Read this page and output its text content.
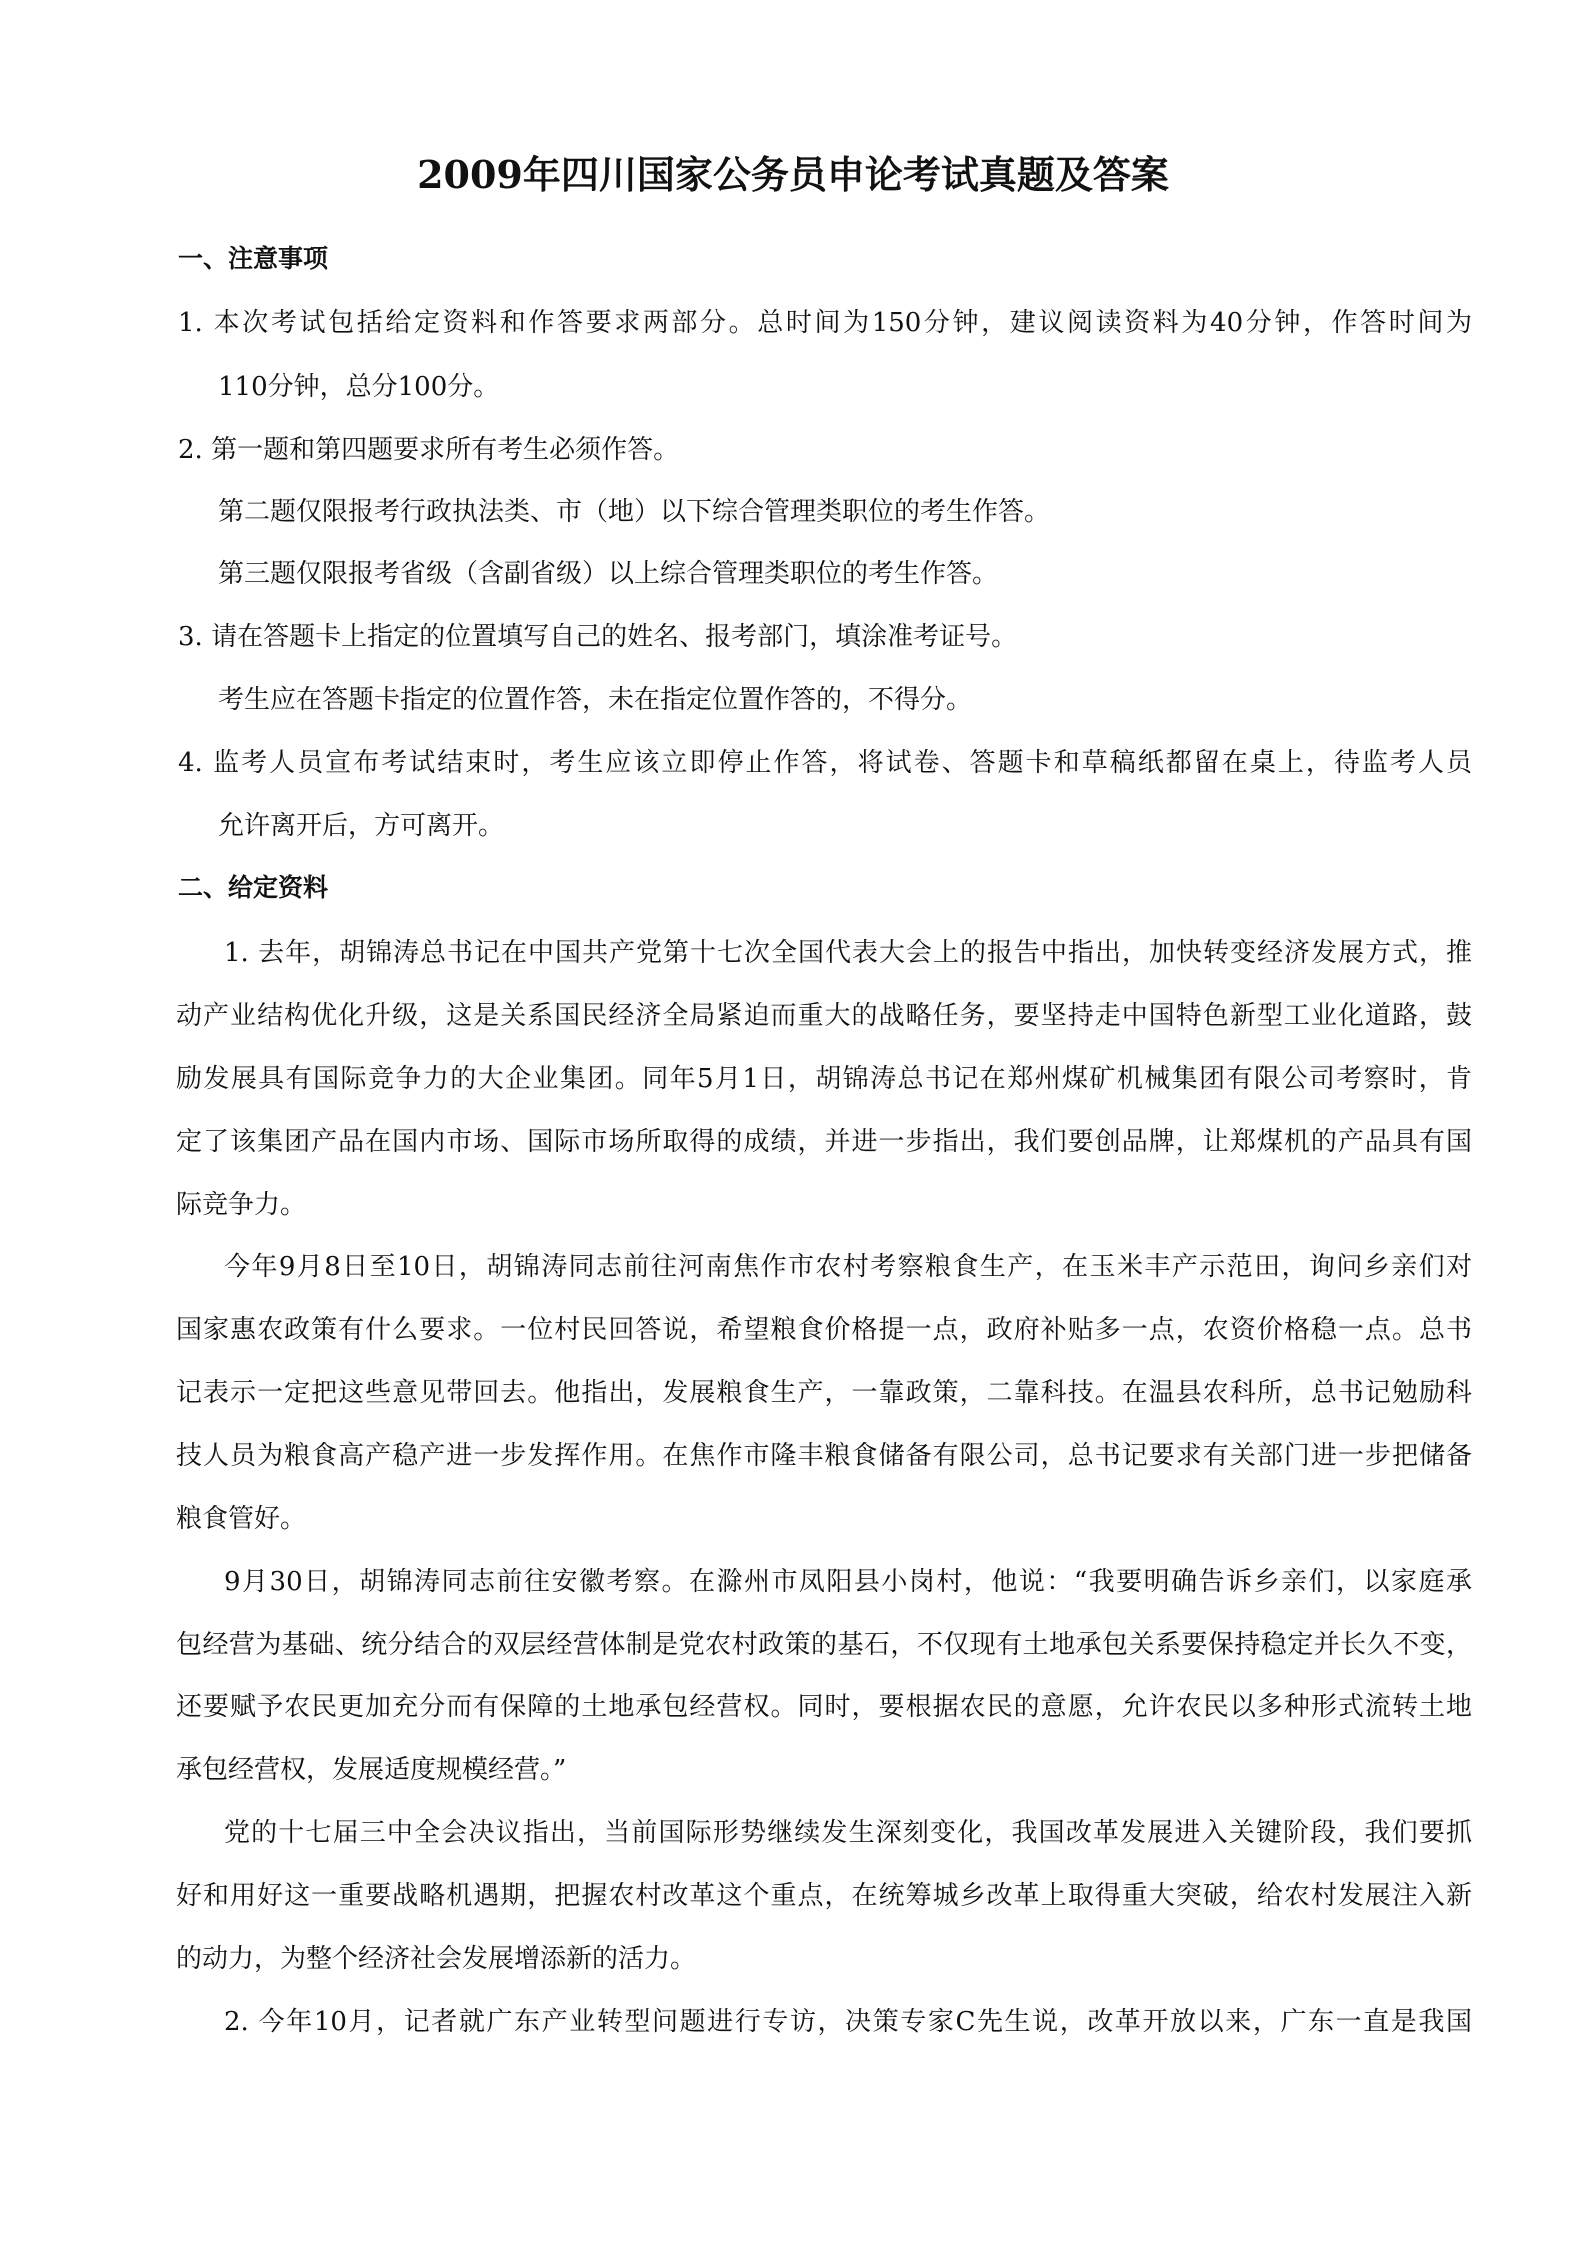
2009年四川国家公务员申论考试真题及答案
一、注意事项

1. 本次考试包括给定资料和作答要求两部分。总时间为150分钟，建议阅读资料为40分钟，作答时间为

110分钟，总分100分。

2. 第一题和第四题要求所有考生必须作答。

第二题仅限报考行政执法类、市（地）以下综合管理类职位的考生作答。

第三题仅限报考省级（含副省级）以上综合管理类职位的考生作答。

3. 请在答题卡上指定的位置填写自己的姓名、报考部门，填涂准考证号。

考生应在答题卡指定的位置作答，未在指定位置作答的，不得分。

4. 监考人员宣布考试结束时，考生应该立即停止作答，将试卷、答题卡和草稿纸都留在桌上，待监考人员

允许离开后，方可离开。

二、给定资料

1. 去年，胡锦涛总书记在中国共产党第十七次全国代表大会上的报告中指出，加快转变经济发展方式，推

动产业结构优化升级，这是关系国民经济全局紧迫而重大的战略任务，要坚持走中国特色新型工业化道路，鼓

励发展具有国际竞争力的大企业集团。同年5月1日，胡锦涛总书记在郑州煤矿机械集团有限公司考察时，肯

定了该集团产品在国内市场、国际市场所取得的成绩，并进一步指出，我们要创品牌，让郑煤机的产品具有国

际竞争力。

今年9月8日至10日，胡锦涛同志前往河南焦作市农村考察粮食生产，在玉米丰产示范田，询问乡亲们对

国家惠农政策有什么要求。一位村民回答说，希望粮食价格提一点，政府补贴多一点，农资价格稳一点。总书

记表示一定把这些意见带回去。他指出，发展粮食生产，一靠政策，二靠科技。在温县农科所，总书记勉励科

技人员为粮食高产稳产进一步发挥作用。在焦作市隆丰粮食储备有限公司，总书记要求有关部门进一步把储备

粮食管好。

9月30日，胡锦涛同志前往安徽考察。在滁州市凤阳县小岗村，他说：“我要明确告诉乡亲们，以家庭承

包经营为基础、统分结合的双层经营体制是党农村政策的基石，不仅现有土地承包关系要保持稳定并长久不变，

还要赋予农民更加充分而有保障的土地承包经营权。同时，要根据农民的意愿，允许农民以多种形式流转土地

承包经营权，发展适度规模经营。”

党的十七届三中全会决议指出，当前国际形势继续发生深刻变化，我国改革发展进入关键阶段，我们要抓

好和用好这一重要战略机遇期，把握农村改革这个重点，在统筹城乡改革上取得重大突破，给农村发展注入新

的动力，为整个经济社会发展增添新的活力。

2. 今年10月，记者就广东产业转型问题进行专访，决策专家C先生说，改革开放以来，广东一直是我国
